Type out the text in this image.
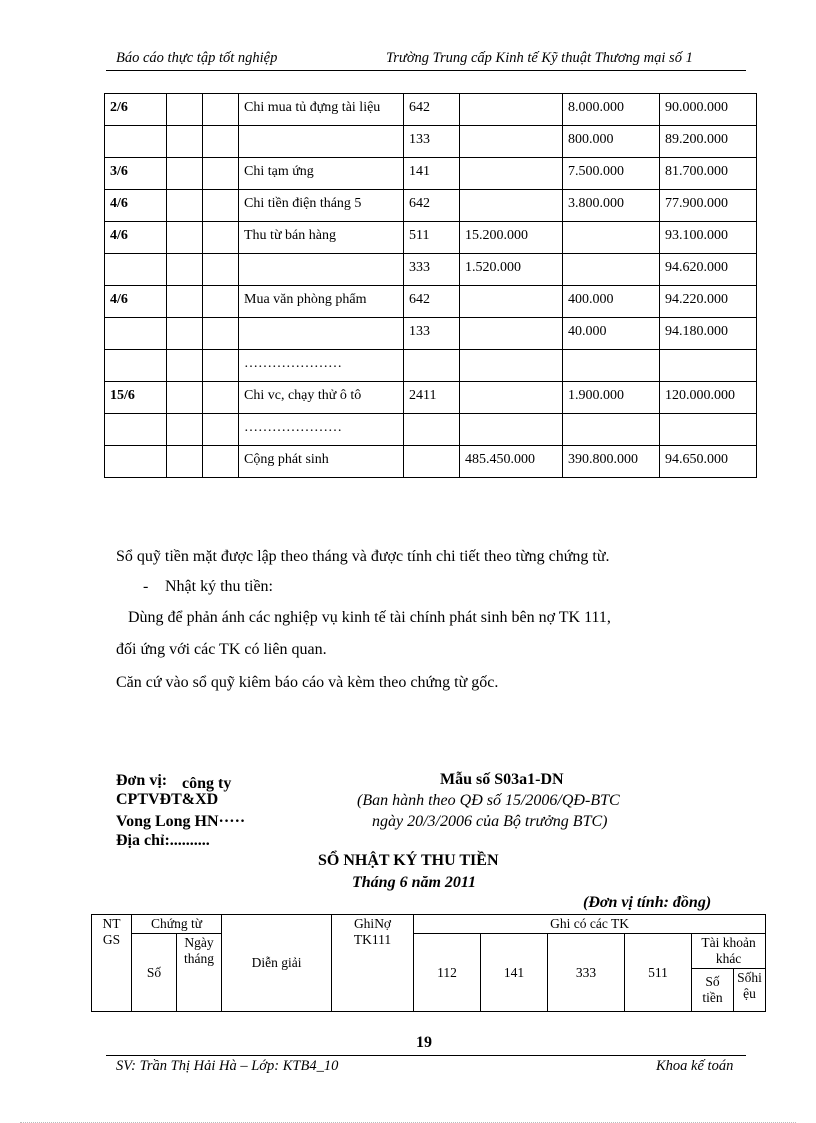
Báo cáo thực tập tốt nghiệp	Trường Trung cấp Kinh tế Kỹ thuật Thương mại số 1
2/6			Chi mua tủ đựng tài liệu	642		8.000.000	90.000.000
				133		800.000	89.200.000
3/6			Chi tạm ứng	141		7.500.000	81.700.000
4/6			Chi tiền điện tháng 5	642		3.800.000	77.900.000
4/6			Thu từ bán hàng	511	15.200.000		93.100.000
				333	1.520.000		94.620.000
4/6			Mua văn phòng phẩm	642		400.000	94.220.000
				133		40.000	94.180.000
			…………………				
15/6			Chi vc, chạy thử ô tô	2411		1.900.000	120.000.000
			…………………				
			Cộng phát sinh		485.450.000	390.800.000	94.650.000
Sổ quỹ tiền mặt được lập theo tháng và được tính chi tiết theo từng chứng từ.
- Nhật ký thu tiền:
Dùng để phản ánh các nghiệp vụ kinh tế tài chính phát sinh bên nợ TK 111,
đối ứng với các TK có liên quan.
Căn cứ vào sổ quỹ kiêm báo cáo và kèm theo chứng từ gốc.
Đơn vị: công ty
CPTVĐT&XD
Vong Long HN·····
Địa chỉ:..........
Mẫu số S03a1-DN
(Ban hành theo QĐ số 15/2006/QĐ-BTC
ngày 20/3/2006 của Bộ trưởng BTC)
SỔ NHẬT KÝ THU TIỀN
Tháng 6 năm 2011
(Đơn vị tính: đồng)
NT GS	Chứng từ		Diễn giải	GhiNợ TK111	Ghi có các TK					
	Số	Ngày tháng			112	141	333	511	Tài khoản khác	
									Số tiền	Sốhi ệu
19
SV: Trần Thị Hải Hà – Lớp: KTB4_10	Khoa kế toán
